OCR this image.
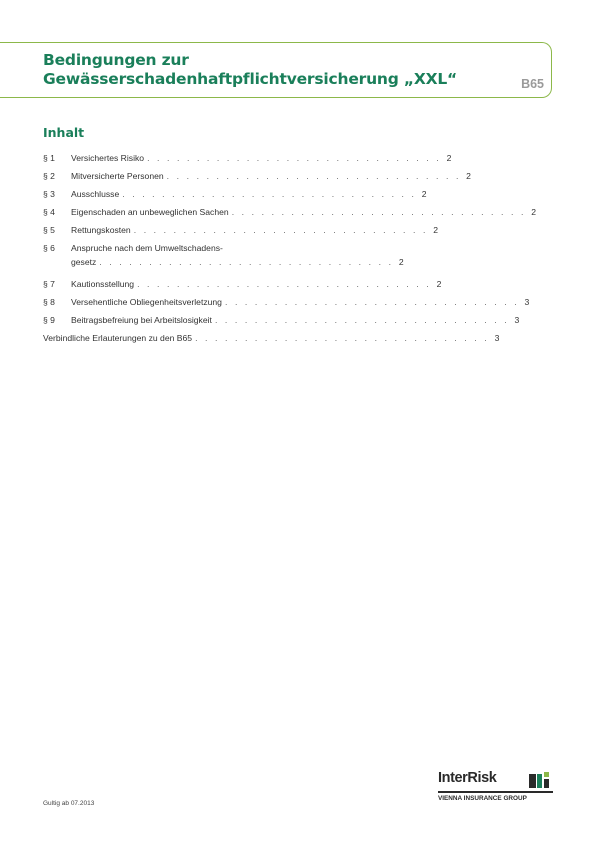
Bedingungen zur
Gewässerschadenhaftpflichtversicherung „XXL“	B65
Inhalt
§ 1	Versichertes Risiko . . . . . . . . . . . . . . . . . . . . . . . . . . . . . . 2
§ 2	Mitversicherte Personen . . . . . . . . . . . . . . . . . . . . . . . . . . . . . . 2
§ 3	Ausschlusse . . . . . . . . . . . . . . . . . . . . . . . . . . . . . . 2
§ 4	Eigenschaden an unbeweglichen Sachen . . . . . . . . . . . . . . . . . . . . . . . . . . . . . . 2
§ 5	Rettungskosten . . . . . . . . . . . . . . . . . . . . . . . . . . . . . . 2
§ 6	Anspruche nach dem Umweltschadens-
gesetz . . . . . . . . . . . . . . . . . . . . . . . . . . . . . . 2
§ 7	Kautionsstellung . . . . . . . . . . . . . . . . . . . . . . . . . . . . . . 2
§ 8	Versehentliche Obliegenheitsverletzung . . . . . . . . . . . . . . . . . . . . . . . . . . . . . . 3
§ 9	Beitragsbefreiung bei Arbeitslosigkeit . . . . . . . . . . . . . . . . . . . . . . . . . . . . . . 3
Verbindliche Erlauterungen zu den B65 . . . . . . . . . . . . . . . . . . . . . . . . . . . . . . 3
Gultig ab 07.2013
InterRisk
VIENNA INSURANCE GROUP
